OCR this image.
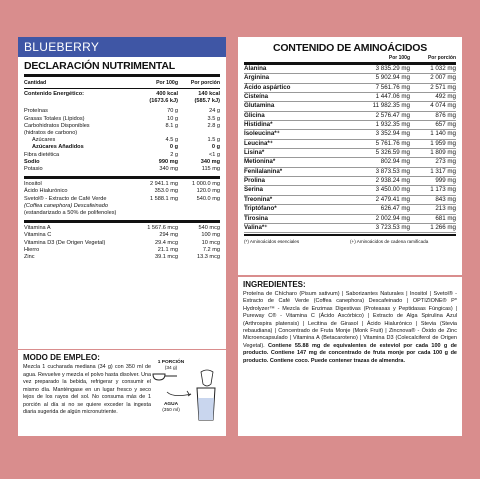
BLUEBERRY
DECLARACIÓN NUTRIMENTAL
Cantidad	Por 100g	Por porción
Contenido Energético:	400 kcal	140 kcal
(1673.6 kJ)	(585.7 kJ)
Proteínas	70 g	24 g
Grasas Totales (Lípidos)	10 g	3.5 g
Carbohidratos Disponibles	8.1 g	2.8 g
(hidratos de carbono)
Azúcares	4.5 g	1.5 g
Azúcares Añadidos	0 g	0 g
Fibra dietética	2 g	<1 g
Sodio	990 mg	340 mg
Potasio	340 mg	115 mg
Inositol	2 941.1 mg	1 000.0 mg
Ácido Hialurónico	353.0 mg	120.0 mg
Svetol® - Extracto de Café Verde	1 588.1 mg	540.0 mg
(Coffea canephora) Descafeinado
(estandarizado a 50% de polifenoles)
Vitamina A	1 567.6 mcg	540 mcg
Vitamina C	294 mg	100 mg
Vitamina D3 (De Origen Vegetal)	29.4 mcg	10 mcg
Hierro	21.1 mg	7.2 mg
Zinc	39.1 mcg	13.3 mcg
CONTENIDO DE AMINOÁCIDOS
Por 100g	Por porción
Alanina	3 835.29 mg	1 032 mg
Arginina	5 902.94 mg	2 007 mg
Ácido aspártico	7 561.76 mg	2 571 mg
Cisteína	1 447.06 mg	492 mg
Glutamina	11 982.35 mg	4 074 mg
Glicina	2 576.47 mg	876 mg
Histidina*	1 932.35 mg	657 mg
Isoleucina*⁺	3 352.94 mg	1 140 mg
Leucina*⁺	5 761.76 mg	1 959 mg
Lisina*	5 326.59 mg	1 809 mg
Metionina*	802.94 mg	273 mg
Fenilalanina*	3 873.53 mg	1 317 mg
Prolina	2 938.24 mg	999 mg
Serina	3 450.00 mg	1 173 mg
Treonina*	2 479.41 mg	843 mg
Triptófano*	626.47 mg	213 mg
Tirosina	2 002.94 mg	681 mg
Valina*⁺	3 723.53 mg	1 266 mg
(*) Aminoácidos esenciales	(+) Aminoácidos de cadena ramificada
MODO DE EMPLEO:
Mezcla 1 cucharada mediana (34 g) con 350 ml de agua. Revuelve y mezcla el polvo hasta disolver. Una vez preparado la bebida, refrigerar y consumir el mismo día. Manténgase en un lugar fresco y seco lejos de los rayos del sol. No consuma más de 1 porción al día si no se quiere exceder la ingesta diaria sugerida de algún micronutriente.
1 PORCIÓN
(34 g)
AGUA
(350 ml)
INGREDIENTES:
Proteína de Chícharo (Pisum sativum) | Saborizantes Naturales | Inositol | Svetol® - Extracto de Café Verde (Coffea canephora) Descafeinado | OPTIZIONE® P* Hydrolyzer™ - Mezcla de Enzimas Digestivas (Proteasas y Peptidasas Fúngicas) | Pureway C® - Vitamina C (Ácido Ascórbico) | Extracto de Alga Spirulina Azul (Arthrospira platensis) | Lecitina de Girasol | Ácido Hialurónico | Stevia (Stevia rebaudiana) | Concentrado de Fruta Monje (Monk Fruit) | Zincnova® - Óxido de Zinc Microencapsulado | Vitamina A (Betacaroteno) | Vitamina D3 (Colecalciferol de Origen Vegetal). Contiene 55.88 mg de equivalentes de estevioI por cada 100 g de producto. Contiene 147 mg de concentrado de fruta monje por cada 100 g de producto. Contiene coco. Puede contener trazas de almendra.
